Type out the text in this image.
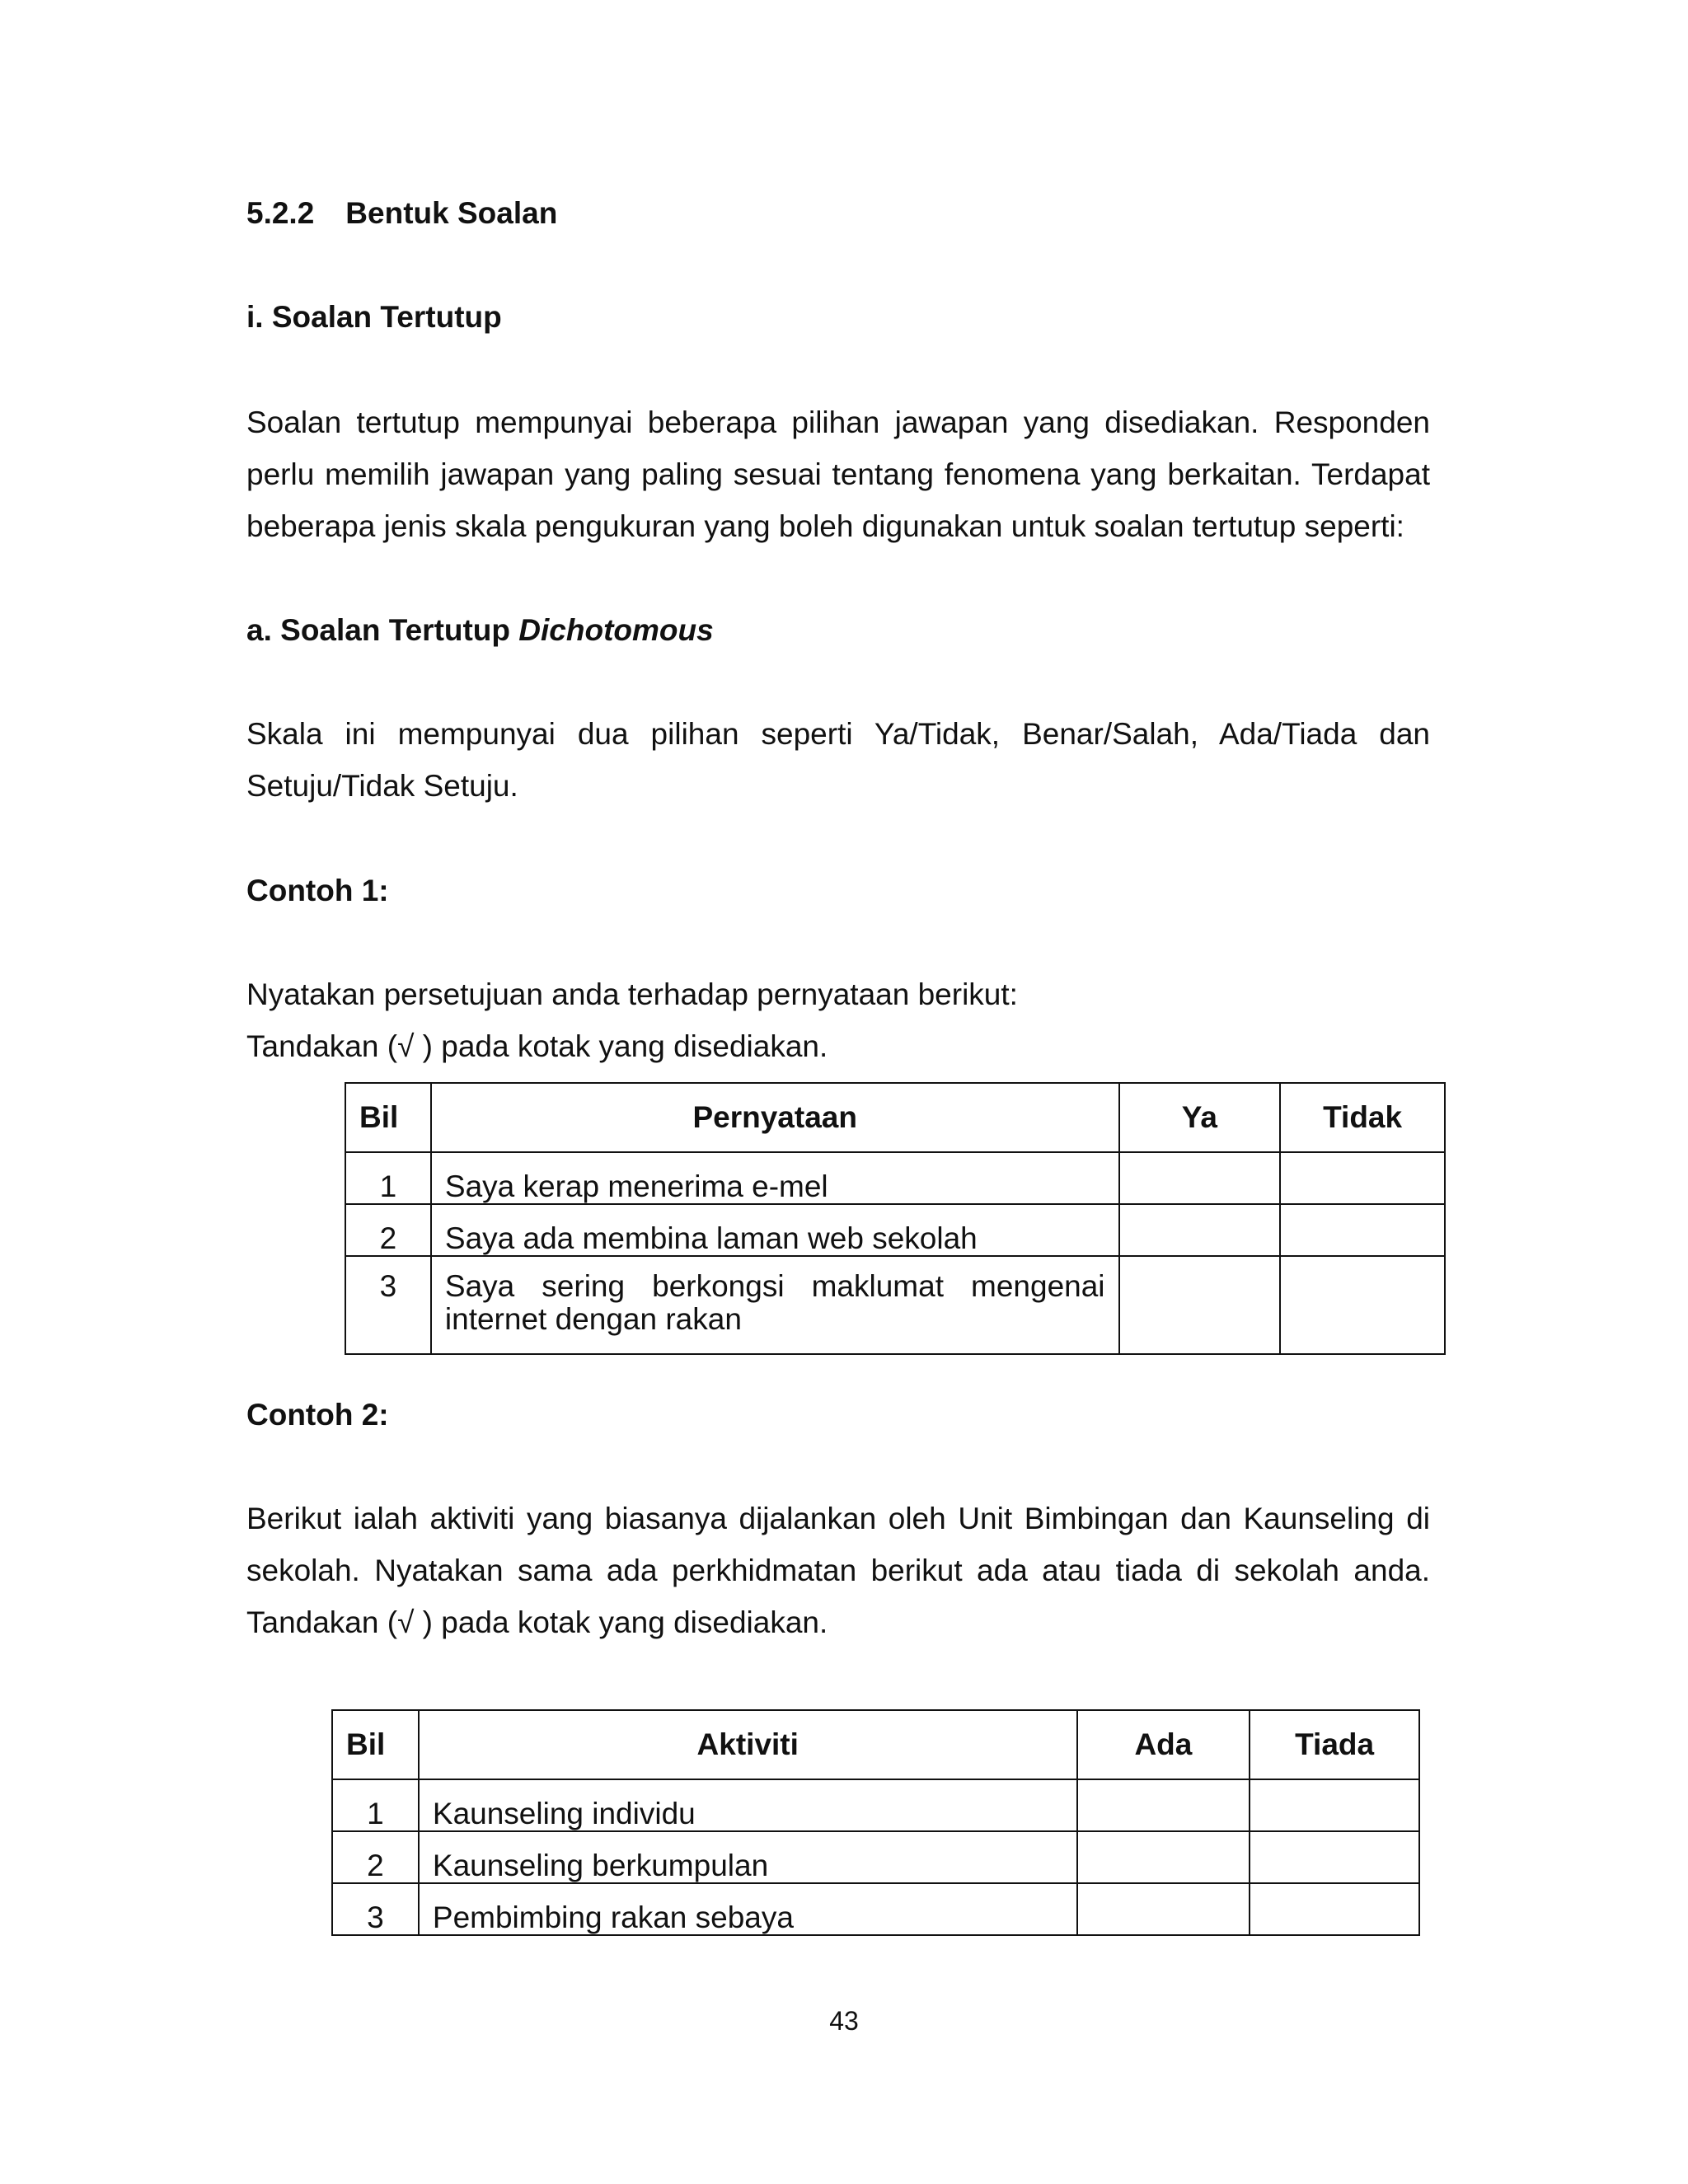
5.2.2 Bentuk Soalan
i. Soalan Tertutup
Soalan tertutup mempunyai beberapa pilihan jawapan yang disediakan. Responden
perlu memilih jawapan yang paling sesuai tentang fenomena yang berkaitan. Terdapat
beberapa jenis skala pengukuran yang boleh digunakan untuk soalan tertutup seperti:
a. Soalan Tertutup Dichotomous
Skala ini mempunyai dua pilihan seperti Ya/Tidak, Benar/Salah, Ada/Tiada dan
Setuju/Tidak Setuju.
Contoh 1:
Nyatakan persetujuan anda terhadap pernyataan berikut:
Tandakan (√ ) pada kotak yang disediakan.
Bil	Pernyataan	Ya	Tidak
1	Saya kerap menerima e-mel		
2	Saya ada membina laman web sekolah		
3	Saya sering berkongsi maklumat mengenai
internet dengan rakan		

Contoh 2:
Berikut ialah aktiviti yang biasanya dijalankan oleh Unit Bimbingan dan Kaunseling di
sekolah. Nyatakan sama ada perkhidmatan berikut ada atau tiada di sekolah anda.
Tandakan (√ ) pada kotak yang disediakan.
Bil	Aktiviti	Ada	Tiada
1	Kaunseling individu		
2	Kaunseling berkumpulan		
3	Pembimbing rakan sebaya		
43
